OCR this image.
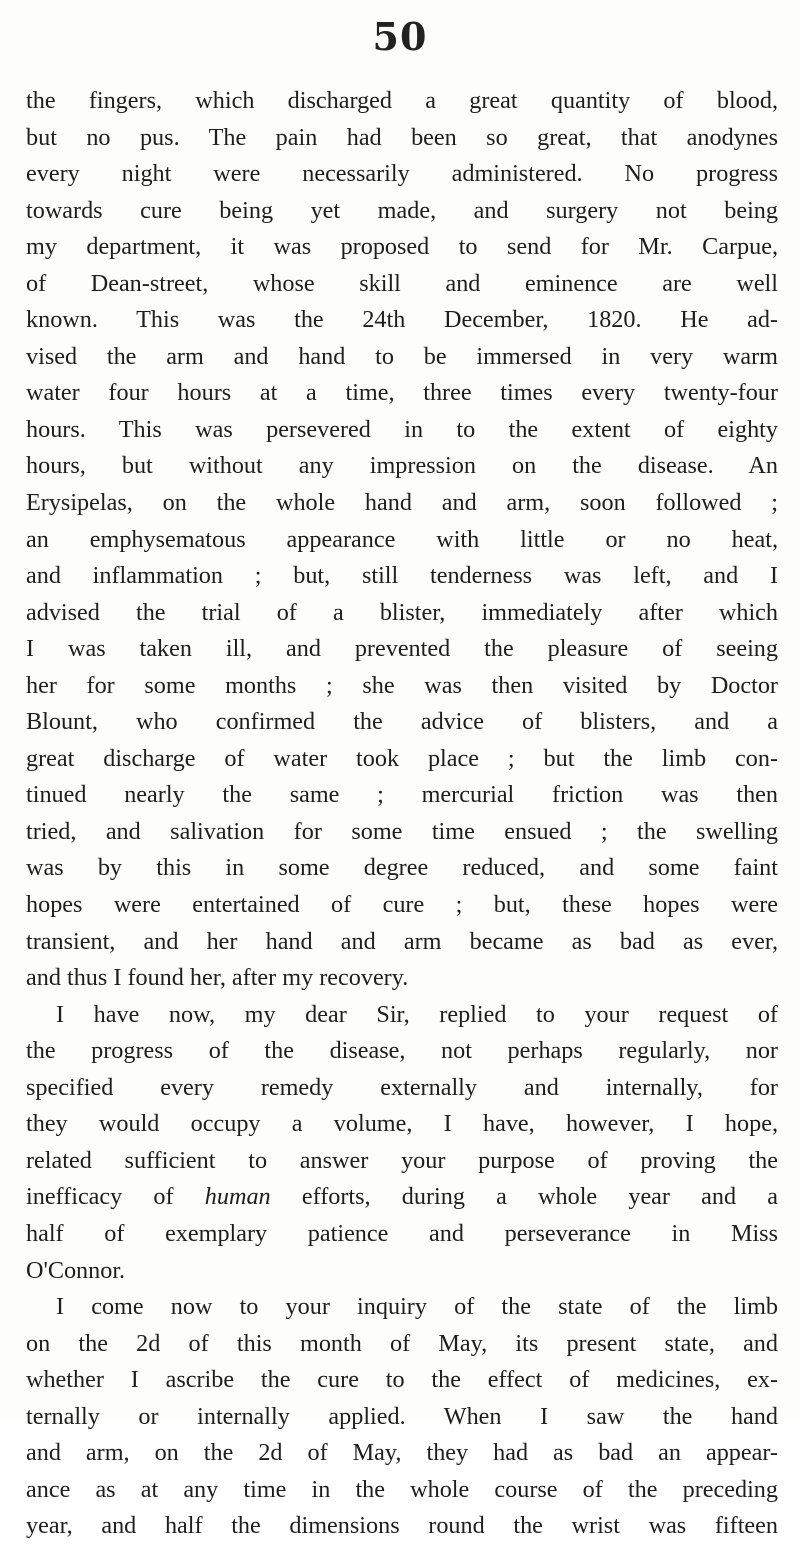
50
the fingers, which discharged a great quantity of blood,
but no pus. The pain had been so great, that anodynes
every night were necessarily administered. No progress
towards cure being yet made, and surgery not being
my department, it was proposed to send for Mr. Carpue,
of Dean-street, whose skill and eminence are well
known. This was the 24th December, 1820. He ad-
vised the arm and hand to be immersed in very warm
water four hours at a time, three times every twenty-four
hours. This was persevered in to the extent of eighty
hours, but without any impression on the disease. An
Erysipelas, on the whole hand and arm, soon followed ;
an emphysematous appearance with little or no heat,
and inflammation ; but, still tenderness was left, and I
advised the trial of a blister, immediately after which
I was taken ill, and prevented the pleasure of seeing
her for some months ; she was then visited by Doctor
Blount, who confirmed the advice of blisters, and a
great discharge of water took place ; but the limb con-
tinued nearly the same ; mercurial friction was then
tried, and salivation for some time ensued ; the swelling
was by this in some degree reduced, and some faint
hopes were entertained of cure ; but, these hopes were
transient, and her hand and arm became as bad as ever,
and thus I found her, after my recovery.
I have now, my dear Sir, replied to your request of
the progress of the disease, not perhaps regularly, nor
specified every remedy externally and internally, for
they would occupy a volume, I have, however, I hope,
related sufficient to answer your purpose of proving the
inefficacy of human efforts, during a whole year and a
half of exemplary patience and perseverance in Miss
O'Connor.
I come now to your inquiry of the state of the limb
on the 2d of this month of May, its present state, and
whether I ascribe the cure to the effect of medicines, ex-
ternally or internally applied. When I saw the hand
and arm, on the 2d of May, they had as bad an appear-
ance as at any time in the whole course of the preceding
year, and half the dimensions round the wrist was fifteen
